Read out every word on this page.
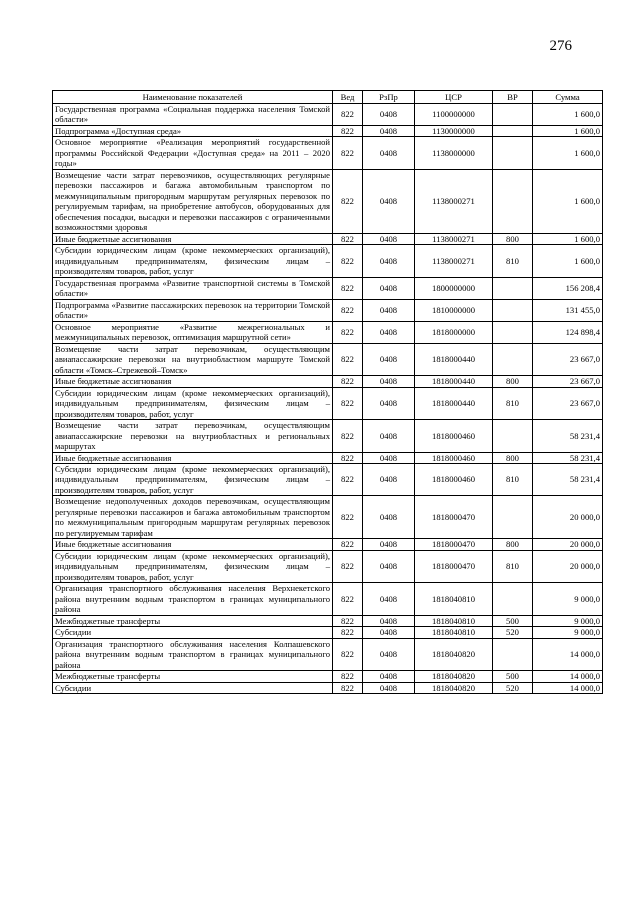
276
Наименование показателей	Вед	РзПр	ЦСР	ВР	Сумма
Государственная программа «Социальная поддержка населения Томской области»	822	0408	1100000000		1 600,0
Подпрограмма «Доступная среда»	822	0408	1130000000		1 600,0
Основное мероприятие «Реализация мероприятий государственной программы Российской Федерации «Доступная среда» на 2011 – 2020 годы»	822	0408	1138000000		1 600,0
Возмещение части затрат перевозчиков, осуществляющих регулярные перевозки пассажиров и багажа автомобильным транспортом по межмуниципальным пригородным маршрутам регулярных перевозок по регулируемым тарифам, на приобретение автобусов, оборудованных для обеспечения посадки, высадки и перевозки пассажиров с ограниченными возможностями здоровья	822	0408	1138000271		1 600,0
Иные бюджетные ассигнования	822	0408	1138000271	800	1 600,0
Субсидии юридическим лицам (кроме некоммерческих организаций), индивидуальным предпринимателям, физическим лицам – производителям товаров, работ, услуг	822	0408	1138000271	810	1 600,0
Государственная программа «Развитие транспортной системы в Томской области»	822	0408	1800000000		156 208,4
Подпрограмма «Развитие пассажирских перевозок на территории Томской области»	822	0408	1810000000		131 455,0
Основное мероприятие «Развитие межрегиональных и межмуниципальных перевозок, оптимизация маршрутной сети»	822	0408	1818000000		124 898,4
Возмещение части затрат перевозчикам, осуществляющим авиапассажирские перевозки на внутриобластном маршруте Томской области «Томск–Стрежевой–Томск»	822	0408	1818000440		23 667,0
Иные бюджетные ассигнования	822	0408	1818000440	800	23 667,0
Субсидии юридическим лицам (кроме некоммерческих организаций), индивидуальным предпринимателям, физическим лицам – производителям товаров, работ, услуг	822	0408	1818000440	810	23 667,0
Возмещение части затрат перевозчикам, осуществляющим авиапассажирские перевозки на внутриобластных и региональных маршрутах	822	0408	1818000460		58 231,4
Иные бюджетные ассигнования	822	0408	1818000460	800	58 231,4
Субсидии юридическим лицам (кроме некоммерческих организаций), индивидуальным предпринимателям, физическим лицам – производителям товаров, работ, услуг	822	0408	1818000460	810	58 231,4
Возмещение недополученных доходов перевозчикам, осуществляющим регулярные перевозки пассажиров и багажа автомобильным транспортом по межмуниципальным пригородным маршрутам регулярных перевозок по регулируемым тарифам	822	0408	1818000470		20 000,0
Иные бюджетные ассигнования	822	0408	1818000470	800	20 000,0
Субсидии юридическим лицам (кроме некоммерческих организаций), индивидуальным предпринимателям, физическим лицам – производителям товаров, работ, услуг	822	0408	1818000470	810	20 000,0
Организация транспортного обслуживания населения Верхнекетского района внутренним водным транспортом в границах муниципального района	822	0408	1818040810		9 000,0
Межбюджетные трансферты	822	0408	1818040810	500	9 000,0
Субсидии	822	0408	1818040810	520	9 000,0
Организация транспортного обслуживания населения Колпашевского района внутренним водным транспортом в границах муниципального района	822	0408	1818040820		14 000,0
Межбюджетные трансферты	822	0408	1818040820	500	14 000,0
Субсидии	822	0408	1818040820	520	14 000,0
